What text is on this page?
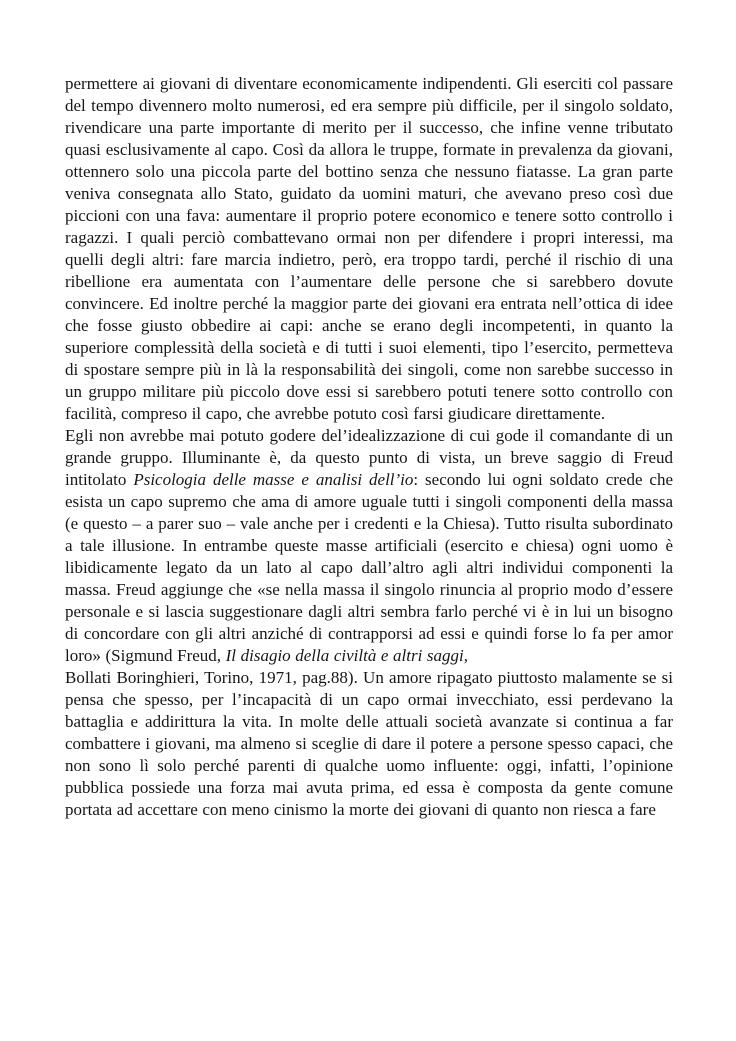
permettere ai giovani di diventare economicamente indipendenti. Gli eserciti col passare del tempo divennero molto numerosi, ed era sempre più difficile, per il singolo soldato, rivendicare una parte importante di merito per il successo, che infine venne tributato quasi esclusivamente al capo. Così da allora le truppe, formate in prevalenza da giovani, ottennero solo una piccola parte del bottino senza che nessuno fiatasse. La gran parte veniva consegnata allo Stato, guidato da uomini maturi, che avevano preso così due piccioni con una fava: aumentare il proprio potere economico e tenere sotto controllo i ragazzi. I quali perciò combattevano ormai non per difendere i propri interessi, ma quelli degli altri: fare marcia indietro, però, era troppo tardi, perché il rischio di una ribellione era aumentata con l’aumentare delle persone che si sarebbero dovute convincere. Ed inoltre perché la maggior parte dei giovani era entrata nell’ottica di idee che fosse giusto obbedire ai capi: anche se erano degli incompetenti, in quanto la superiore complessità della società e di tutti i suoi elementi, tipo l’esercito, permetteva di spostare sempre più in là la responsabilità dei singoli, come non sarebbe successo in un gruppo militare più piccolo dove essi si sarebbero potuti tenere sotto controllo con facilità, compreso il capo, che avrebbe potuto così farsi giudicare direttamente.

Egli non avrebbe mai potuto godere del’idealizzazione di cui gode il comandante di un grande gruppo. Illuminante è, da questo punto di vista, un breve saggio di Freud intitolato Psicologia delle masse e analisi dell’io: secondo lui ogni soldato crede che esista un capo supremo che ama di amore uguale tutti i singoli componenti della massa (e questo – a parer suo – vale anche per i credenti e la Chiesa). Tutto risulta subordinato a tale illusione. In entrambe queste masse artificiali (esercito e chiesa) ogni uomo è libidicamente legato da un lato al capo dall’altro agli altri individui componenti la massa. Freud aggiunge che «se nella massa il singolo rinuncia al proprio modo d’essere personale e si lascia suggestionare dagli altri sembra farlo perché vi è in lui un bisogno di concordare con gli altri anziché di contrapporsi ad essi e quindi forse lo fa per amor loro» (Sigmund Freud, Il disagio della civiltà e altri saggi,

Bollati Boringhieri, Torino, 1971, pag.88). Un amore ripagato piuttosto malamente se si pensa che spesso, per l’incapacità di un capo ormai invecchiato, essi perdevano la battaglia e addirittura la vita. In molte delle attuali società avanzate si continua a far combattere i giovani, ma almeno si sceglie di dare il potere a persone spesso capaci, che non sono lì solo perché parenti di qualche uomo influente: oggi, infatti, l’opinione pubblica possiede una forza mai avuta prima, ed essa è composta da gente comune portata ad accettare con meno cinismo la morte dei giovani di quanto non riesca a fare
